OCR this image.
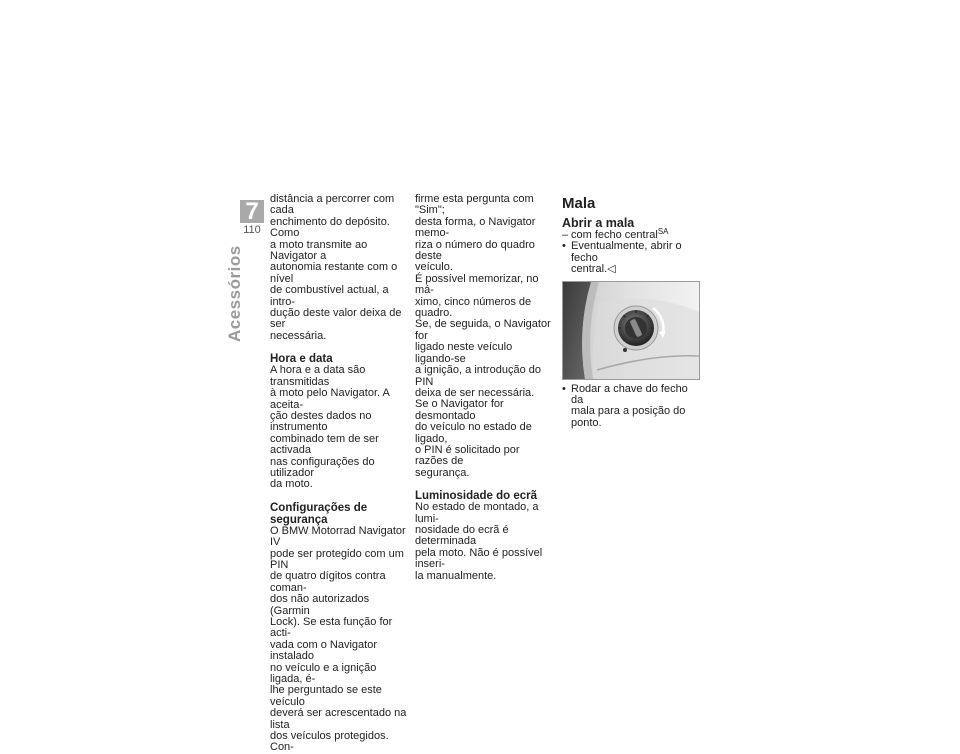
7
110
Acessórios

distância a percorrer com cada
enchimento do depósito. Como
a moto transmite ao Navigator a
autonomia restante com o nível
de combustível actual, a intro-
dução deste valor deixa de ser
necessária.

Hora e data

A hora e a data são transmitidas
à moto pelo Navigator. A aceita-
ção destes dados no instrumento
combinado tem de ser activada
nas configurações do utilizador
da moto.

Configurações de segurança

O BMW Motorrad Navigator IV
pode ser protegido com um PIN
de quatro dígitos contra coman-
dos não autorizados (Garmin
Lock). Se esta função for acti-
vada com o Navigator instalado
no veículo e a ignição ligada, é-
lhe perguntado se este veículo
deverá ser acrescentado na lista
dos veículos protegidos. Con-

firme esta pergunta com "Sim";
desta forma, o Navigator memo-
riza o número do quadro deste
veículo.
É possível memorizar, no má-
ximo, cinco números de quadro.
Se, de seguida, o Navigator for
ligado neste veículo ligando-se
a ignição, a introdução do PIN
deixa de ser necessária.
Se o Navigator for desmontado
do veículo no estado de ligado,
o PIN é solicitado por razões de
segurança.

Luminosidade do ecrã

No estado de montado, a lumi-
nosidade do ecrã é determinada
pela moto. Não é possível inseri-
la manualmente.

Mala

Abrir a mala

– com fecho central$^{SA}$
• Eventualmente, abrir o fecho
central.◁
• Rodar a chave do fecho da
mala para a posição do ponto.
